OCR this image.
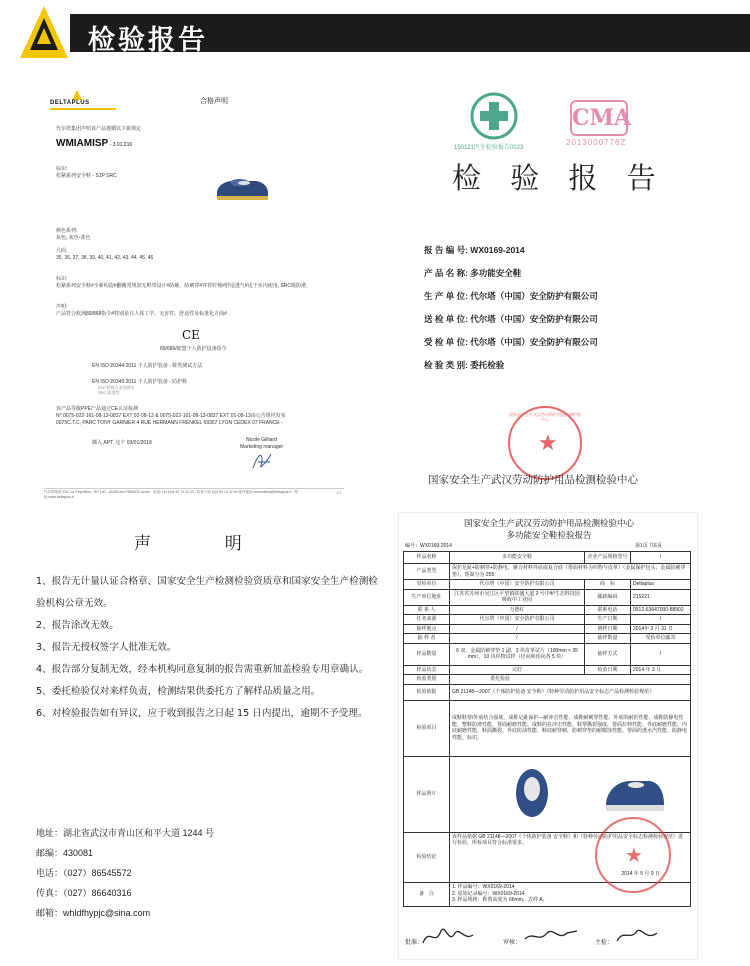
检验报告
DELTAPLUS	合格声明
代尔塔集团声明该产品遵循以下新规定
WMIAMISP - 3.01.216
标识:
松紧系列安全鞋 - S1P SRC
颜色系列:
灰色, 灰色-蓝色
尺码:
35, 36, 37, 38, 39, 40, 41, 42, 43, 44, 45, 46
标识:
松紧系列安全鞋#全新构造#翻覆常规款无鞋带设计#防砸、防刺穿#穿着轻便#舒适透气#适于室内使用, SRC级防滑。
声明:
产品符合欧洲89/868指令#特别是在人体工学、无害性、舒适性及标准化方面#
CE
89/686/欧盟个人防护设备指令
EN ISO 20344:2011 个人防护装备 - 鞋类测试方法
EN ISO 20345:2011 个人防护装备 - 防护鞋
S1P 特殊点类别要求
SRC 防滑性
该产品等级PPE产品通过CE认证检测
N° 0075-022-161-08-13-0837 EXT 02-08-13 & 0075-022-161-08-13-0837 EXT 01-08-13由公告组织发布
0075C.T.C, PARC TONY GARNIER 4 RUE HERMANN FRENKEL 69367 LYON CEDEX 07 FRANCE -
插入 APT, 这个 03/01/2018	Nicole Gilliard
Marketing manager
代尔塔集团 ZAC La Peyrolière - BP 140 - 84405 Apt FRANCE cedex - 电话:+33 (0)4 90 74 20 33 - 传真:+33 (0)4 90 74 32 59 邮件地址:information@deltaplus.fr - 网址:www.deltaplus.fr
1/1
150121医生检验报告0023
CMA
2013000776Z
检 验 报 告
报 告 编 号: WX0169-2014
产 品 名 称: 多功能安全鞋
生 产 单 位: 代尔塔（中国）安全防护有限公司
送 检 单 位: 代尔塔（中国）安全防护有限公司
受 检 单 位: 代尔塔（中国）安全防护有限公司
检 验 类 别: 委托检验
★
国家安全生产武汉劳动防护用品检测检验中心
国家安全生产武汉劳动防护用品检测检验中心
声        明
1、报告无计量认证合格章、国家安全生产检测检验资质章和国家安全生产检测检验机构公章无效。
2、报告涂改无效。
3、报告无授权签字人批准无效。
4、报告部分复制无效，经本机构同意复制的报告需重新加盖检验专用章确认。
5、委托检验仅对来样负责，检测结果供委托方了解样品质量之用。
6、对检验报告如有异议，应于收到报告之日起 15 日内提出，逾期不予受理。
地址：湖北省武汉市青山区和平大道 1244 号
邮编：430081
电话：（027）86545572
传真：（027）86640316
邮箱：whldfhypjc@sina.com
国家安全生产武汉劳动防护用品检测检验中心
多功能安全鞋检验报告
编号：WX0169-2014	第1页 共6页
样品名称	多功能安全鞋	企业产品规格型号	/
产品类型	保护足趾+防刺穿+防静电、聚合材料外底或复合底（帮面材料为织物与皮革）（金属保护包头；金属防刺穿垫），帮面分为 255		
受检单位	代尔塔（中国）安全防护有限公司	商　标	Deltaplus
生产单位地址	江苏省苏州市吴江区平望镇联盛大道 2 号中鲈生态科技园吸收中工业园	邮政编码	215221
联 系 人	万德红	联系电话	0512-63647000-88902
任务来源	代尔塔（中国）安全防护有限公司	生产日期	/
抽样地点	/	到样日期	2014年 3 月 31 日
抽 样 者	/	抽样数量	受检单位邮寄
样品数量	6 双、金属防刺穿垫 1 副、3 块皮革试片（100mm × 35 mm）、10 块织物试样（径向和纬向各 5 块）	抽样方式	/
样品状态	完好	检验日期	2014 年 3 月
检验类别	委托检验		
检验依据	GB 21148—2007《个体防护装备 安全鞋》《特种劳动防护用品安全标志产品检测检验规范》		
检验项目	成鞋鞋帮/外底结合强度、成鞋足趾保护—耐冲击性能、成鞋耐刺穿性能、外底的耐折性能、成鞋防静电性能、整鞋防滑性能、帮面耐磨性能、成鞋的抗冲击性能、鞋帮撕裂强度、帮面拉伸性能、外底耐磨性能、内底耐磨性能、鞋面撕裂、外底防油性能、鞋底耐穿刺、防刺穿垫的耐腐蚀性能、帮面的透水汽性能、防静电性能、标识。		
样品照片	

检验结论	该样品依据 GB 21148—2007《个体防护装备 安全鞋》和《特种劳动防护用品安全标志检测检验规范》进行检验，所检项目符合标准要求。
2014 年 5 月 9 日		

备　注	1. 样品编号：WX0169-2014
2. 原始记录编号：WX0169-2014
3. 样品规格：鞋帮高度为 66mm，式样 A。		
批准：	审核：	主检：
★
